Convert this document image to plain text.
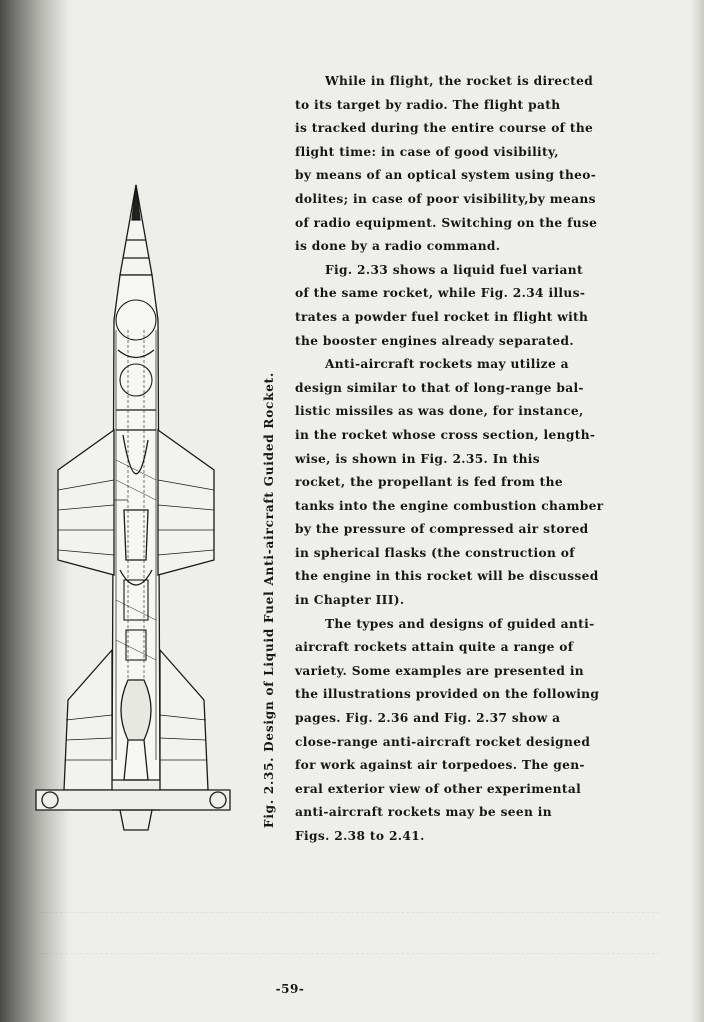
Fig. 2.35. Design of Liquid Fuel Anti-aircraft Guided Rocket.
While in flight, the rocket is directed
to its target by radio. The flight path
is tracked during the entire course of the
flight time: in case of good visibility,
by means of an optical system using theo-
dolites; in case of poor visibility,by means
of radio equipment. Switching on the fuse
is done by a radio command.
Fig. 2.33 shows a liquid fuel variant
of the same rocket, while Fig. 2.34 illus-
trates a powder fuel rocket in flight with
the booster engines already separated.
Anti-aircraft rockets may utilize a
design similar to that of long-range bal-
listic missiles as was done, for instance,
in the rocket whose cross section, length-
wise, is shown in Fig. 2.35. In this
rocket, the propellant is fed from the
tanks into the engine combustion chamber
by the pressure of compressed air stored
in spherical flasks (the construction of
the engine in this rocket will be discussed
in Chapter III).
The types and designs of guided anti-
aircraft rockets attain quite a range of
variety. Some examples are presented in
the illustrations provided on the following
pages. Fig. 2.36 and Fig. 2.37 show a
close-range anti-aircraft rocket designed
for work against air torpedoes. The gen-
eral exterior view of other experimental
anti-aircraft rockets may be seen in
Figs. 2.38 to 2.41.
-59-
